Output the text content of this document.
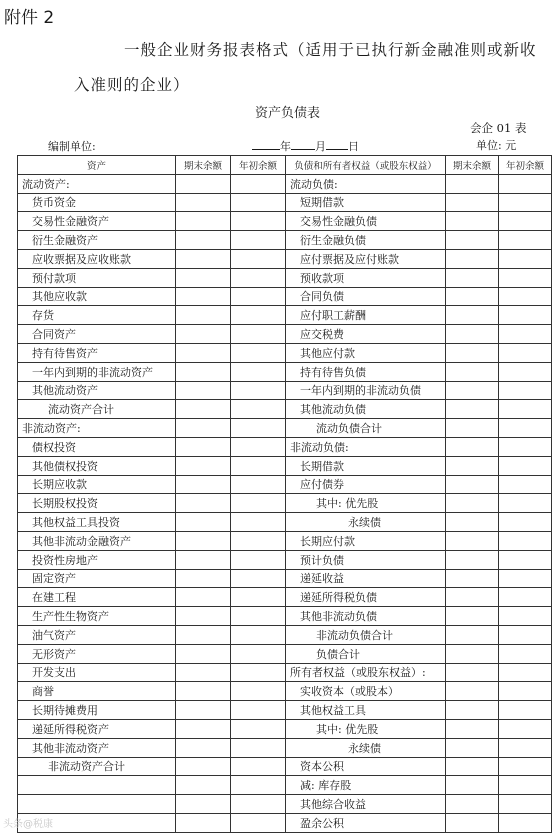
附件 2
一般企业财务报表格式（适用于已执行新金融准则或新收
入准则的企业）
资产负债表
会企 01 表
编制单位:	年 月 日	单位: 元
资产	期末余额	年初余额	负债和所有者权益（或股东权益）	期末余额	年初余额
流动资产:			流动负债:		
货币资金			短期借款		
交易性金融资产			交易性金融负债		
衍生金融资产			衍生金融负债		
应收票据及应收账款			应付票据及应付账款		
预付款项			预收款项		
其他应收款			合同负债		
存货			应付职工薪酬		
合同资产			应交税费		
持有待售资产			其他应付款		
一年内到期的非流动资产			持有待售负债		
其他流动资产			一年内到期的非流动负债		
流动资产合计			其他流动负债		
非流动资产:			流动负债合计		
债权投资			非流动负债:		
其他债权投资			长期借款		
长期应收款			应付债券		
长期股权投资			其中: 优先股		
其他权益工具投资			永续债		
其他非流动金融资产			长期应付款		
投资性房地产			预计负债		
固定资产			递延收益		
在建工程			递延所得税负债		
生产性生物资产			其他非流动负债		
油气资产			非流动负债合计		
无形资产			负债合计		
开发支出			所有者权益（或股东权益）:		
商誉			实收资本（或股本）		
长期待摊费用			其他权益工具		
递延所得税资产			其中: 优先股		
其他非流动资产			永续债		
非流动资产合计			资本公积		
			减: 库存股		
			其他综合收益		
			盈余公积		
头条@税康
